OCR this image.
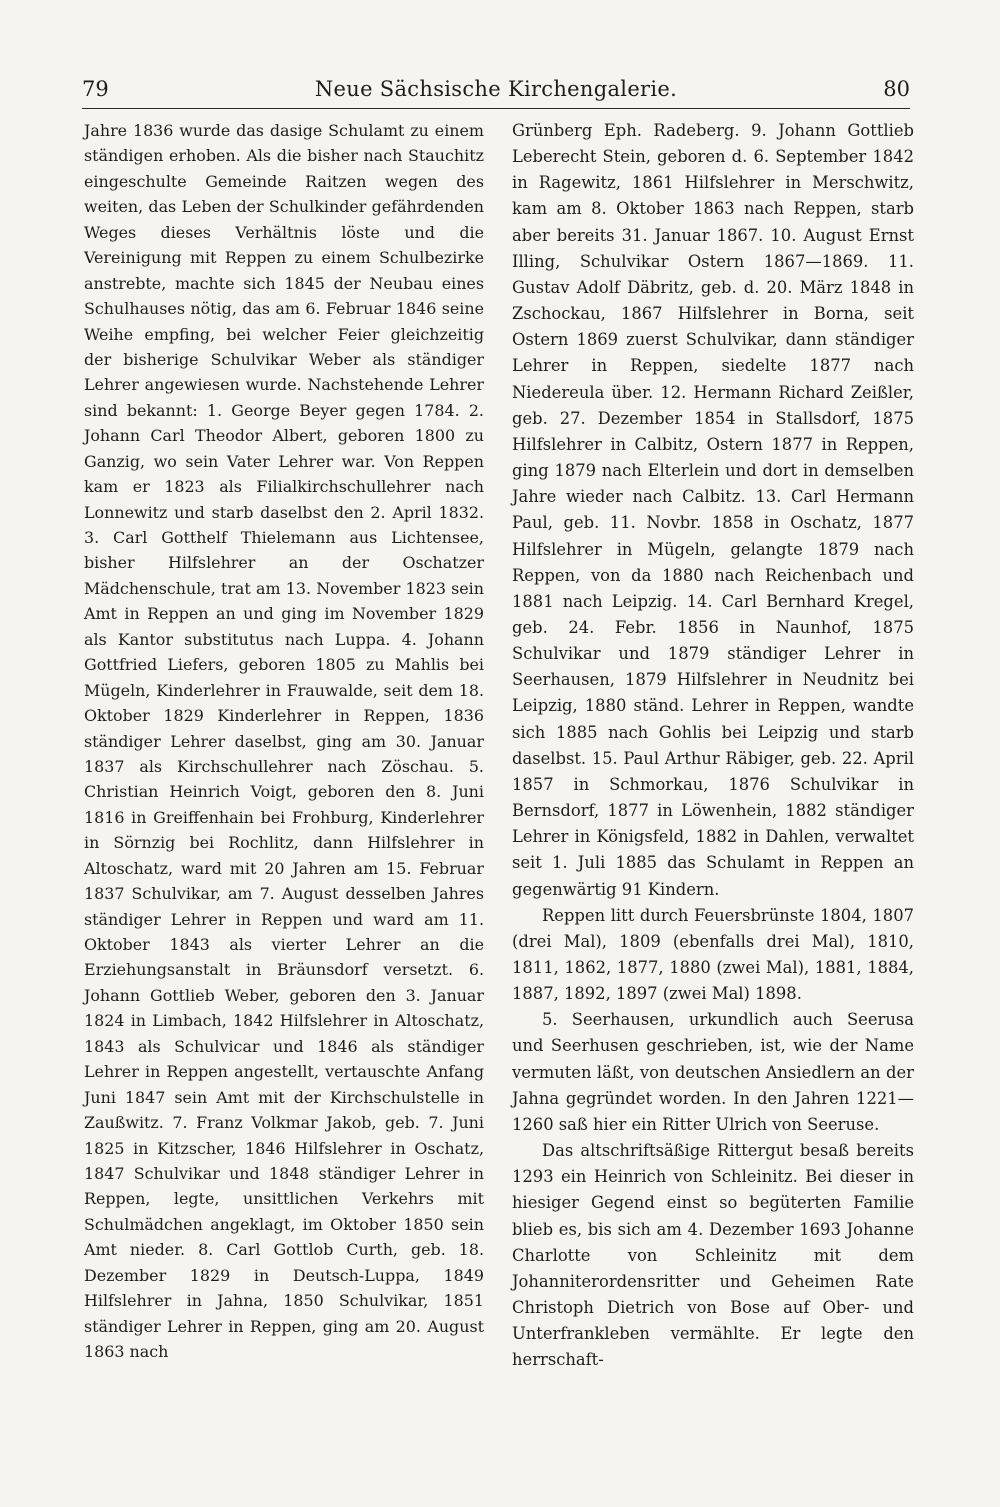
79	Neue Sächsische Kirchengalerie.	80

Jahre 1836 wurde das dasige Schulamt zu einem ständigen erhoben. Als die bisher nach Stauchitz eingeschulte Gemeinde Raitzen wegen des weiten, das Leben der Schulkinder gefährdenden Weges dieses Verhältnis löste und die Vereinigung mit Reppen zu einem Schulbezirke anstrebte, machte sich 1845 der Neubau eines Schulhauses nötig, das am 6. Februar 1846 seine Weihe empfing, bei welcher Feier gleichzeitig der bisherige Schulvikar Weber als ständiger Lehrer angewiesen wurde. Nachstehende Lehrer sind bekannt: 1. George Beyer gegen 1784. 2. Johann Carl Theodor Albert, geboren 1800 zu Ganzig, wo sein Vater Lehrer war. Von Reppen kam er 1823 als Filialkirchschullehrer nach Lonnewitz und starb daselbst den 2. April 1832. 3. Carl Gotthelf Thielemann aus Lichtensee, bisher Hilfslehrer an der Oschatzer Mädchenschule, trat am 13. November 1823 sein Amt in Reppen an und ging im November 1829 als Kantor substitutus nach Luppa. 4. Johann Gottfried Liefers, geboren 1805 zu Mahlis bei Mügeln, Kinderlehrer in Frauwalde, seit dem 18. Oktober 1829 Kinderlehrer in Reppen, 1836 ständiger Lehrer daselbst, ging am 30. Januar 1837 als Kirchschullehrer nach Zöschau. 5. Christian Heinrich Voigt, geboren den 8. Juni 1816 in Greiffenhain bei Frohburg, Kinderlehrer in Sörnzig bei Rochlitz, dann Hilfslehrer in Altoschatz, ward mit 20 Jahren am 15. Februar 1837 Schulvikar, am 7. August desselben Jahres ständiger Lehrer in Reppen und ward am 11. Oktober 1843 als vierter Lehrer an die Erziehungsanstalt in Bräunsdorf versetzt. 6. Johann Gottlieb Weber, geboren den 3. Januar 1824 in Limbach, 1842 Hilfslehrer in Altoschatz, 1843 als Schulvicar und 1846 als ständiger Lehrer in Reppen angestellt, vertauschte Anfang Juni 1847 sein Amt mit der Kirchschulstelle in Zaußwitz. 7. Franz Volkmar Jakob, geb. 7. Juni 1825 in Kitzscher, 1846 Hilfslehrer in Oschatz, 1847 Schulvikar und 1848 ständiger Lehrer in Reppen, legte, unsittlichen Verkehrs mit Schulmädchen angeklagt, im Oktober 1850 sein Amt nieder. 8. Carl Gottlob Curth, geb. 18. Dezember 1829 in Deutsch-Luppa, 1849 Hilfslehrer in Jahna, 1850 Schulvikar, 1851 ständiger Lehrer in Reppen, ging am 20. August 1863 nach

Grünberg Eph. Radeberg. 9. Johann Gottlieb Leberecht Stein, geboren d. 6. September 1842 in Ragewitz, 1861 Hilfslehrer in Merschwitz, kam am 8. Oktober 1863 nach Reppen, starb aber bereits 31. Januar 1867. 10. August Ernst Illing, Schulvikar Ostern 1867—1869. 11. Gustav Adolf Däbritz, geb. d. 20. März 1848 in Zschockau, 1867 Hilfslehrer in Borna, seit Ostern 1869 zuerst Schulvikar, dann ständiger Lehrer in Reppen, siedelte 1877 nach Niedereula über. 12. Hermann Richard Zeißler, geb. 27. Dezember 1854 in Stallsdorf, 1875 Hilfslehrer in Calbitz, Ostern 1877 in Reppen, ging 1879 nach Elterlein und dort in demselben Jahre wieder nach Calbitz. 13. Carl Hermann Paul, geb. 11. Novbr. 1858 in Oschatz, 1877 Hilfslehrer in Mügeln, gelangte 1879 nach Reppen, von da 1880 nach Reichenbach und 1881 nach Leipzig. 14. Carl Bernhard Kregel, geb. 24. Febr. 1856 in Naunhof, 1875 Schulvikar und 1879 ständiger Lehrer in Seerhausen, 1879 Hilfslehrer in Neudnitz bei Leipzig, 1880 ständ. Lehrer in Reppen, wandte sich 1885 nach Gohlis bei Leipzig und starb daselbst. 15. Paul Arthur Räbiger, geb. 22. April 1857 in Schmorkau, 1876 Schulvikar in Bernsdorf, 1877 in Löwenhein, 1882 ständiger Lehrer in Königsfeld, 1882 in Dahlen, verwaltet seit 1. Juli 1885 das Schulamt in Reppen an gegenwärtig 91 Kindern.

Reppen litt durch Feuersbrünste 1804, 1807 (drei Mal), 1809 (ebenfalls drei Mal), 1810, 1811, 1862, 1877, 1880 (zwei Mal), 1881, 1884, 1887, 1892, 1897 (zwei Mal) 1898.

5. Seerhausen, urkundlich auch Seerusa und Seerhusen geschrieben, ist, wie der Name vermuten läßt, von deutschen Ansiedlern an der Jahna gegründet worden. In den Jahren 1221—1260 saß hier ein Ritter Ulrich von Seeruse.

Das altschriftsäßige Rittergut besaß bereits 1293 ein Heinrich von Schleinitz. Bei dieser in hiesiger Gegend einst so begüterten Familie blieb es, bis sich am 4. Dezember 1693 Johanne Charlotte von Schleinitz mit dem Johanniterordensritter und Geheimen Rate Christoph Dietrich von Bose auf Ober- und Unterfrankleben vermählte. Er legte den herrschaft-
